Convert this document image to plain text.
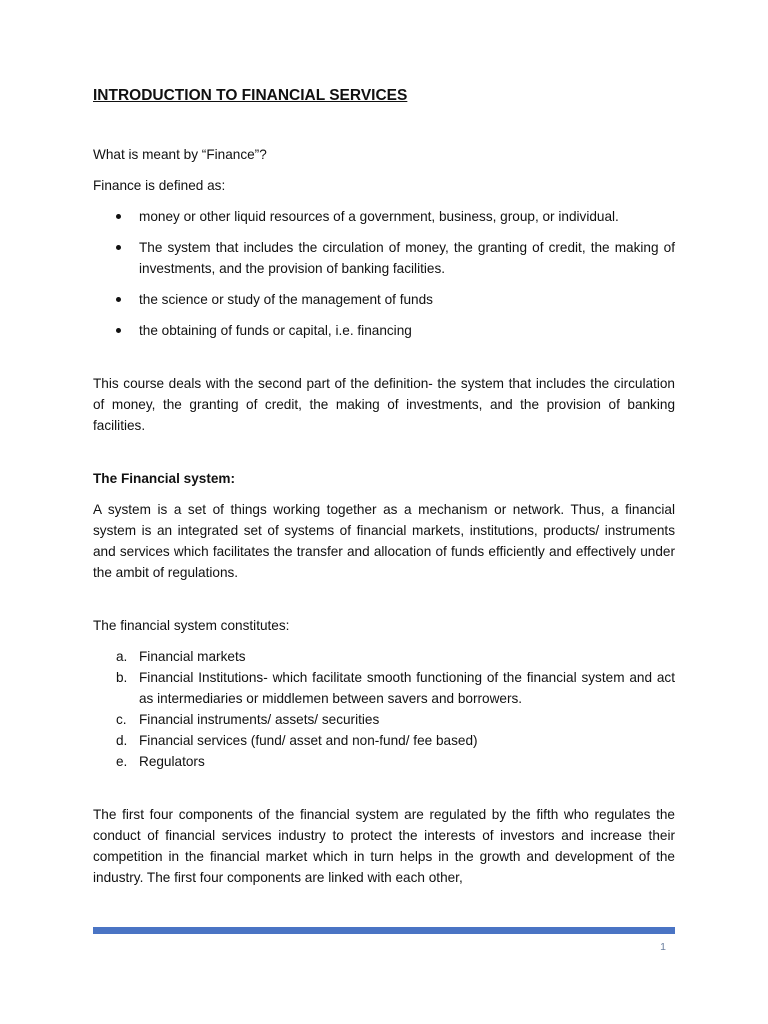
INTRODUCTION TO FINANCIAL SERVICES

What is meant by “Finance”?

Finance is defined as:

money or other liquid resources of a government, business, group, or individual.
The system that includes the circulation of money, the granting of credit, the making of investments, and the provision of banking facilities.
the science or study of the management of funds
the obtaining of funds or capital, i.e. financing

This course deals with the second part of the definition- the system that includes the circulation of money, the granting of credit, the making of investments, and the provision of banking facilities.

The Financial system:

A system is a set of things working together as a mechanism or network. Thus, a financial system is an integrated set of systems of financial markets, institutions, products/ instruments and services which facilitates the transfer and allocation of funds efficiently and effectively under the ambit of regulations.

The financial system constitutes:

a. Financial markets
b. Financial Institutions- which facilitate smooth functioning of the financial system and act as intermediaries or middlemen between savers and borrowers.
c. Financial instruments/ assets/ securities
d. Financial services (fund/ asset and non-fund/ fee based)
e. Regulators

The first four components of the financial system are regulated by the fifth who regulates the conduct of financial services industry to protect the interests of investors and increase their competition in the financial market which in turn helps in the growth and development of the industry. The first four components are linked with each other,

1
